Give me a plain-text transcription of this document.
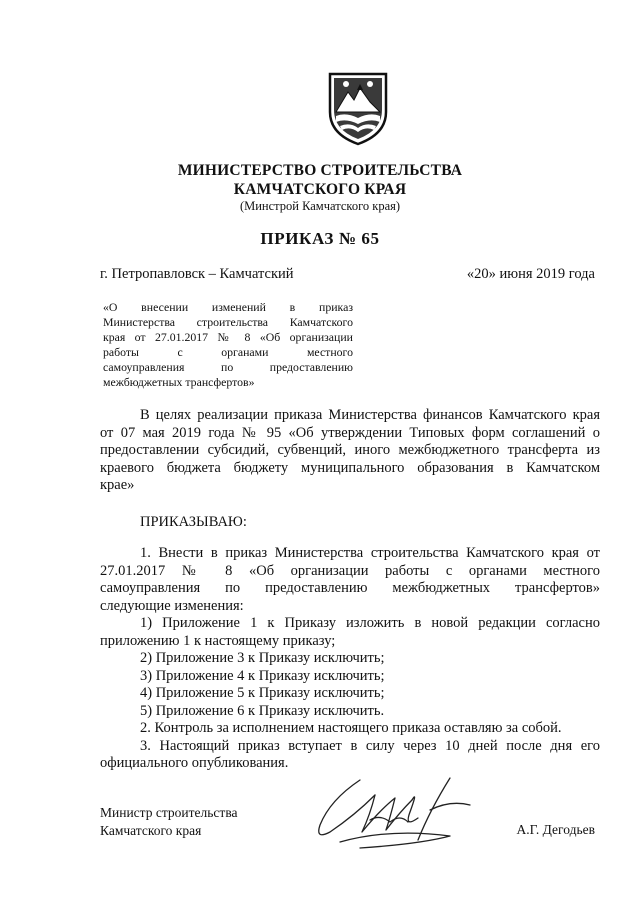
МИНИСТЕРСТВО СТРОИТЕЛЬСТВА
КАМЧАТСКОГО КРАЯ
(Минстрой Камчатского края)
ПРИКАЗ № 65
г. Петропавловск – Камчатский	«20» июня 2019 года
«О внесении изменений в приказ
Министерства строительства Камчатского
края от 27.01.2017 № 8 «Об организации
работы с органами местного
самоуправления по предоставлению
межбюджетных трансфертов»
В целях реализации приказа Министерства финансов Камчатского края
от 07 мая 2019 года № 95 «Об утверждении Типовых форм соглашений о
предоставлении субсидий, субвенций, иного межбюджетного трансферта из
краевого бюджета бюджету муниципального образования в Камчатском
крае»
ПРИКАЗЫВАЮ:
1. Внести в приказ Министерства строительства Камчатского края от
27.01.2017 № 8 «Об организации работы с органами местного
самоуправления по предоставлению межбюджетных трансфертов»
следующие изменения:
1) Приложение 1 к Приказу изложить в новой редакции согласно
приложению 1 к настоящему приказу;
2) Приложение 3 к Приказу исключить;
3) Приложение 4 к Приказу исключить;
4) Приложение 5 к Приказу исключить;
5) Приложение 6 к Приказу исключить.
2. Контроль за исполнением настоящего приказа оставляю за собой.
3. Настоящий приказ вступает в силу через 10 дней после дня его
официального опубликования.
Министр строительства
Камчатского края	А.Г. Дегодьев
